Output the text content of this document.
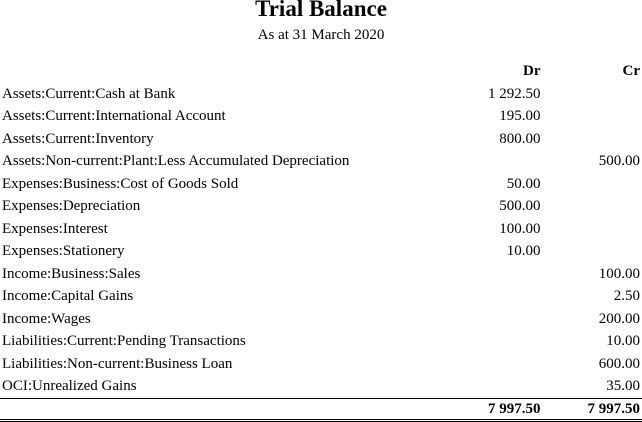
Trial Balance
As at 31 March 2020
	Dr	Cr
Assets:Current:Cash at Bank	1 292.50	
Assets:Current:International Account	195.00	
Assets:Current:Inventory	800.00	
Assets:Non-current:Plant:Less Accumulated Depreciation		500.00
Expenses:Business:Cost of Goods Sold	50.00	
Expenses:Depreciation	500.00	
Expenses:Interest	100.00	
Expenses:Stationery	10.00	
Income:Business:Sales		100.00
Income:Capital Gains		2.50
Income:Wages		200.00
Liabilities:Current:Pending Transactions		10.00
Liabilities:Non-current:Business Loan		600.00
OCI:Unrealized Gains		35.00
	7 997.50	7 997.50
